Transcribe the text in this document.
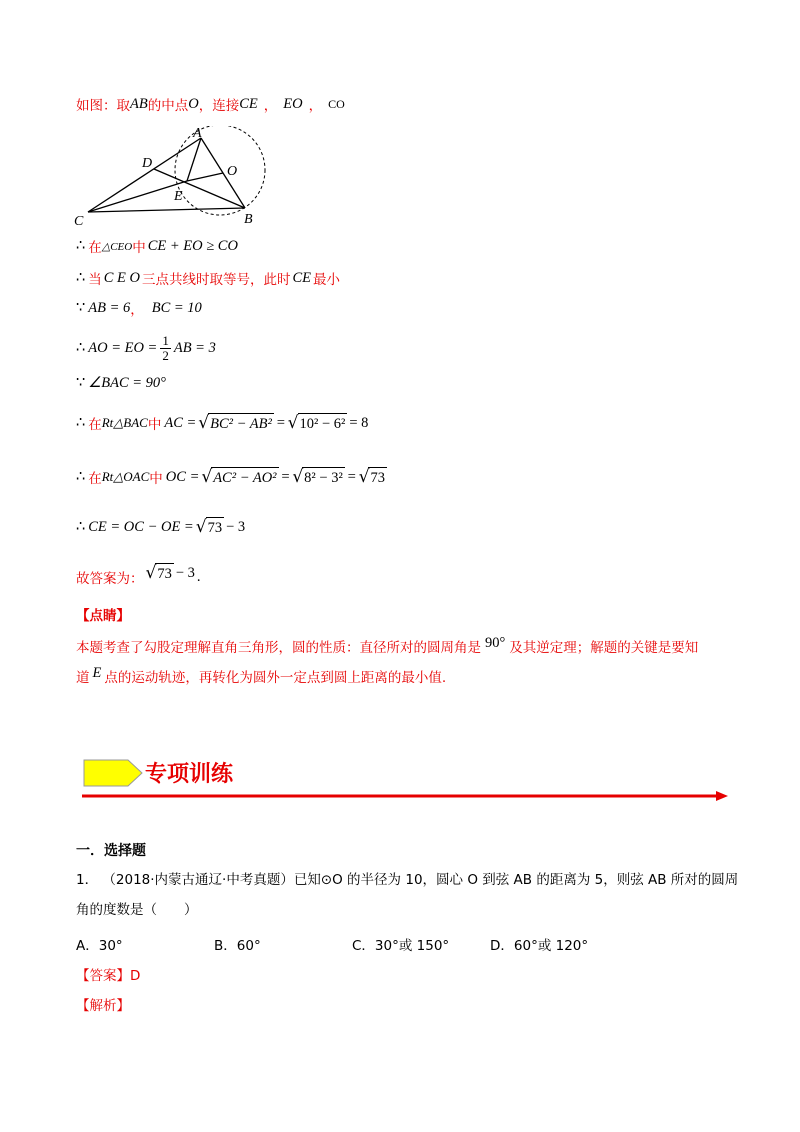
如图：取 AB 的中点 O ，连接 CE ， EO ， CO
A
D
O
E
C	B
∴ 在 △CEO 中 CE + EO ≥ CO
∴ 当 C E O 三点共线时取等号，此时 CE 最小
∵ AB = 6 ， BC = 10
∴ AO = EO = $\frac{1}{2}$ AB = 3
∵ ∠BAC = 90°
∴ 在 Rt△BAC 中 AC = √ BC² − AB² = √ 10² − 6² = 8
∴ 在 Rt△OAC 中 OC = √ AC² − AO² = √ 8² − 3² = √ 73
∴ CE = OC − OE = √ 73 − 3
故答案为： √ 73 − 3 .
【点睛】
本题考查了勾股定理解直角三角形，圆的性质：直径所对的圆周角是 90° 及其逆定理；解题的关键是要知
道 E 点的运动轨迹，再转化为圆外一定点到圆上距离的最小值.
专项训练
一．选择题
1． （2018·内蒙古通辽·中考真题）已知⊙O 的半径为 10，圆心 O 到弦 AB 的距离为 5，则弦 AB 所对的圆周
角的度数是（　　）
A．30°	B．60°	C．30°或 150°	D．60°或 120°
【答案】D
【解析】
